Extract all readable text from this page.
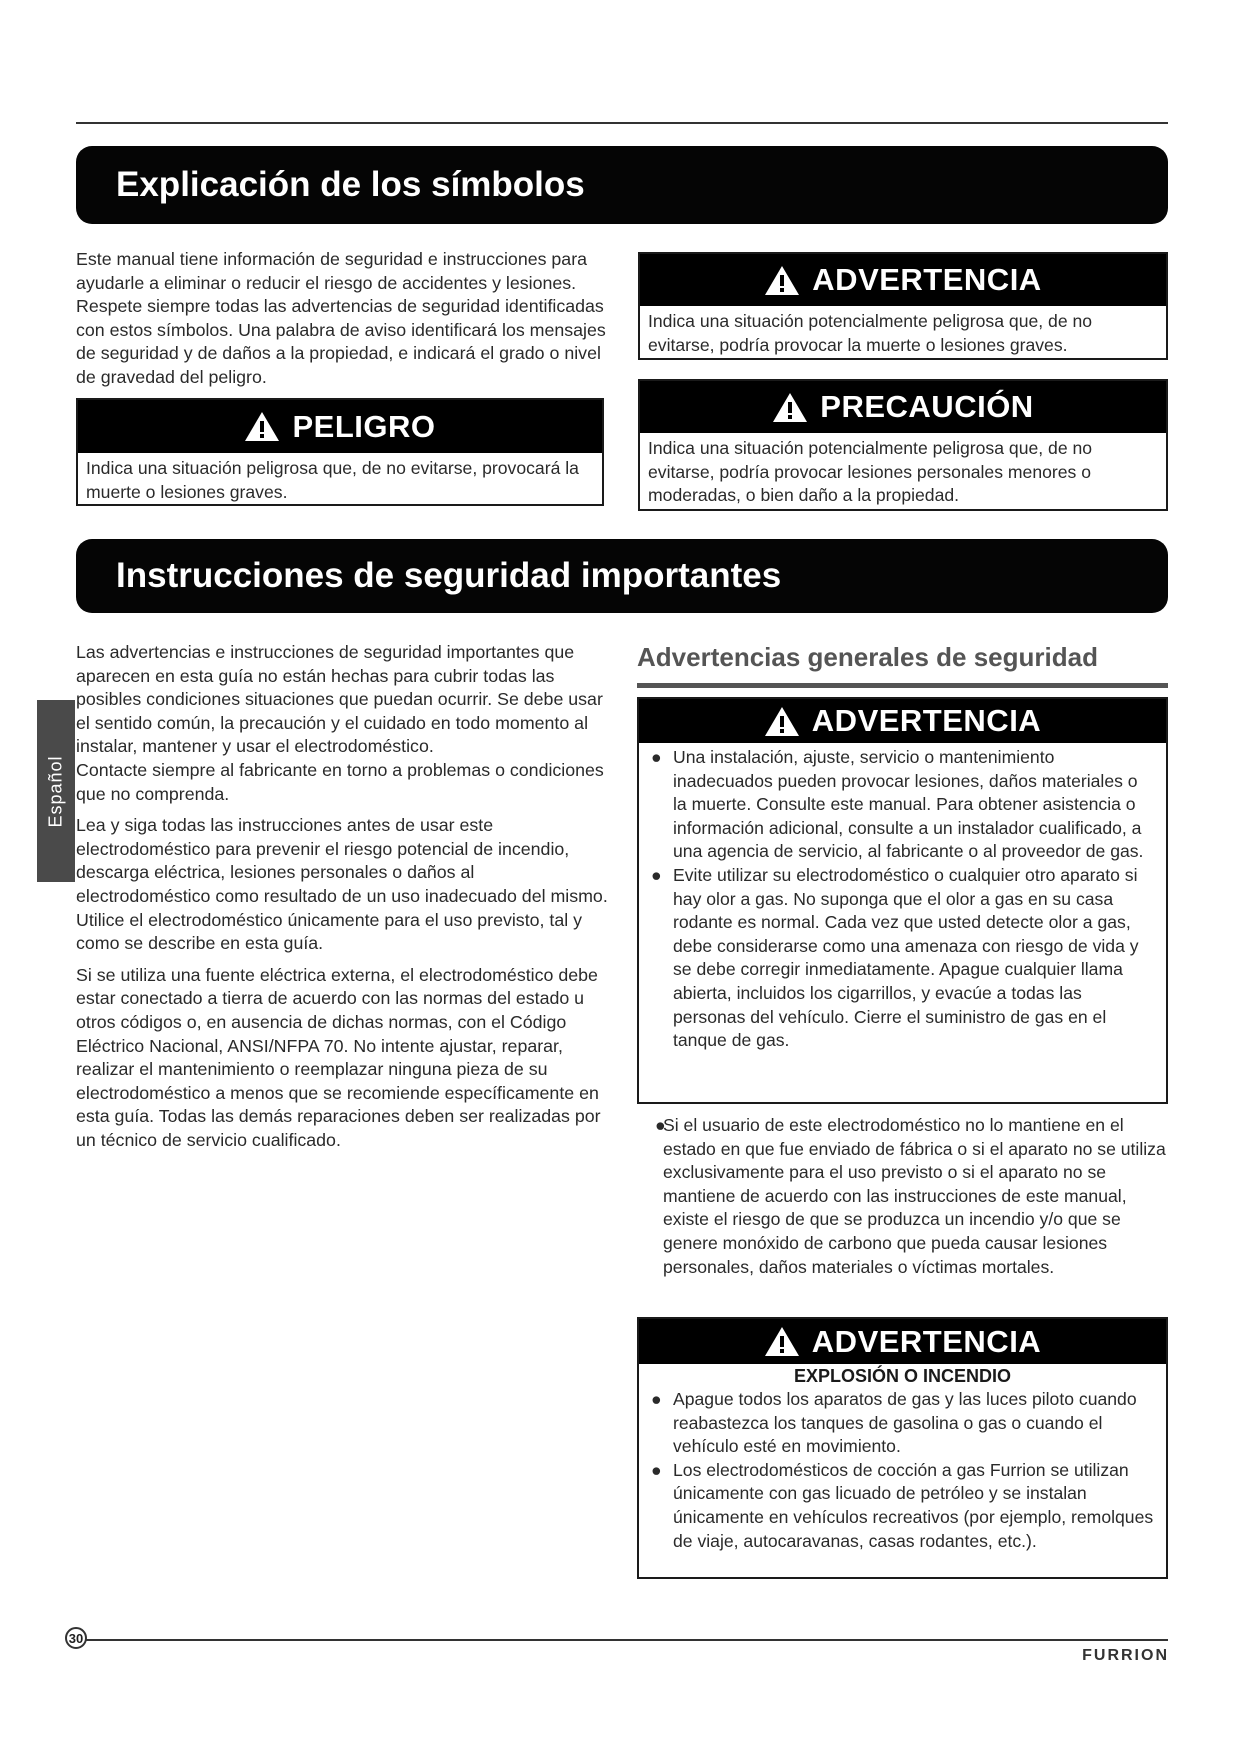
Explicación de los símbolos

Este manual tiene información de seguridad e instrucciones para ayudarle a eliminar o reducir el riesgo de accidentes y lesiones. Respete siempre todas las advertencias de seguridad identificadas con estos símbolos. Una palabra de aviso identificará los mensajes de seguridad y de daños a la propiedad, e indicará el grado o nivel de gravedad del peligro.

PELIGRO
Indica una situación peligrosa que, de no evitarse, provocará la muerte o lesiones graves.
ADVERTENCIA
Indica una situación potencialmente peligrosa que, de no evitarse, podría provocar la muerte o lesiones graves.
PRECAUCIÓN
Indica una situación potencialmente peligrosa que, de no evitarse, podría provocar lesiones personales menores o moderadas, o bien daño a la propiedad.
Instrucciones de seguridad importantes

Las advertencias e instrucciones de seguridad importantes que aparecen en esta guía no están hechas para cubrir todas las posibles condiciones situaciones que puedan ocurrir. Se debe usar el sentido común, la precaución y el cuidado en todo momento al instalar, mantener y usar el electrodoméstico.
Contacte siempre al fabricante en torno a problemas o condiciones que no comprenda.

Lea y siga todas las instrucciones antes de usar este electrodoméstico para prevenir el riesgo potencial de incendio, descarga eléctrica, lesiones personales o daños al electrodoméstico como resultado de un uso inadecuado del mismo. Utilice el electrodoméstico únicamente para el uso previsto, tal y como se describe en esta guía.

Si se utiliza una fuente eléctrica externa, el electrodoméstico debe estar conectado a tierra de acuerdo con las normas del estado u otros códigos o, en ausencia de dichas normas, con el Código Eléctrico Nacional, ANSI/NFPA 70. No intente ajustar, reparar, realizar el mantenimiento o reemplazar ninguna pieza de su electrodoméstico a menos que se recomiende específicamente en esta guía. Todas las demás reparaciones deben ser realizadas por un técnico de servicio cualificado.

Advertencias generales de seguridad
ADVERTENCIA
● Una instalación, ajuste, servicio o mantenimiento inadecuados pueden provocar lesiones, daños materiales o la muerte. Consulte este manual. Para obtener asistencia o información adicional, consulte a un instalador cualificado, a una agencia de servicio, al fabricante o al proveedor de gas.
● Evite utilizar su electrodoméstico o cualquier otro aparato si hay olor a gas. No suponga que el olor a gas en su casa rodante es normal. Cada vez que usted detecte olor a gas, debe considerarse como una amenaza con riesgo de vida y se debe corregir inmediatamente. Apague cualquier llama abierta, incluidos los cigarrillos, y evacúe a todas las personas del vehículo. Cierre el suministro de gas en el tanque de gas.
●
Si el usuario de este electrodoméstico no lo mantiene en el estado en que fue enviado de fábrica o si el aparato no se utiliza exclusivamente para el uso previsto o si el aparato no se mantiene de acuerdo con las instrucciones de este manual, existe el riesgo de que se produzca un incendio y/o que se genere monóxido de carbono que pueda causar lesiones personales, daños materiales o víctimas mortales.
ADVERTENCIA
EXPLOSIÓN O INCENDIO
● Apague todos los aparatos de gas y las luces piloto cuando reabastezca los tanques de gasolina o gas o cuando el vehículo esté en movimiento.
● Los electrodomésticos de cocción a gas Furrion se utilizan únicamente con gas licuado de petróleo y se instalan únicamente en vehículos recreativos (por ejemplo, remolques de viaje, autocaravanas, casas rodantes, etc.).
Español
30
FURRION
